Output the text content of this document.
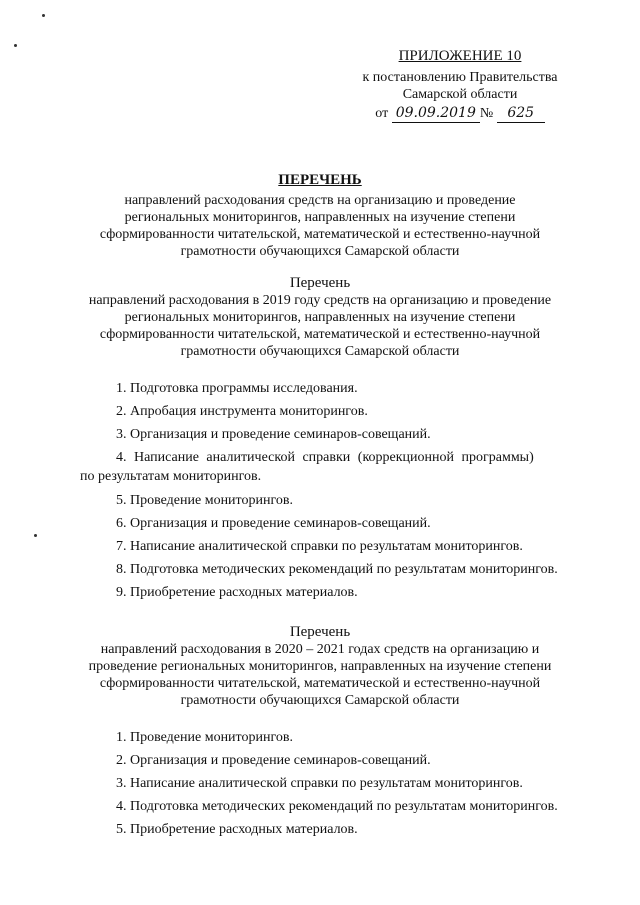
ПРИЛОЖЕНИЕ 10
к постановлению Правительства
Самарской области
от 09.09.2019 № 625
ПЕРЕЧЕНЬ
направлений расходования средств на организацию и проведение
региональных мониторингов, направленных на изучение степени
сформированности читательской, математической и естественно-научной
грамотности обучающихся Самарской области
Перечень
направлений расходования в 2019 году средств на организацию и проведение
региональных мониторингов, направленных на изучение степени
сформированности читательской, математической и естественно-научной
грамотности обучающихся Самарской области
1. Подготовка программы исследования.
2. Апробация инструмента мониторингов.
3. Организация и проведение семинаров-совещаний.
4. Написание аналитической справки (коррекционной программы)
по результатам мониторингов.
5. Проведение мониторингов.
6. Организация и проведение семинаров-совещаний.
7. Написание аналитической справки по результатам мониторингов.
8. Подготовка методических рекомендаций по результатам мониторингов.
9. Приобретение расходных материалов.
Перечень
направлений расходования в 2020 – 2021 годах средств на организацию и
проведение региональных мониторингов, направленных на изучение степени
сформированности читательской, математической и естественно-научной
грамотности обучающихся Самарской области
1. Проведение мониторингов.
2. Организация и проведение семинаров-совещаний.
3. Написание аналитической справки по результатам мониторингов.
4. Подготовка методических рекомендаций по результатам мониторингов.
5. Приобретение расходных материалов.
